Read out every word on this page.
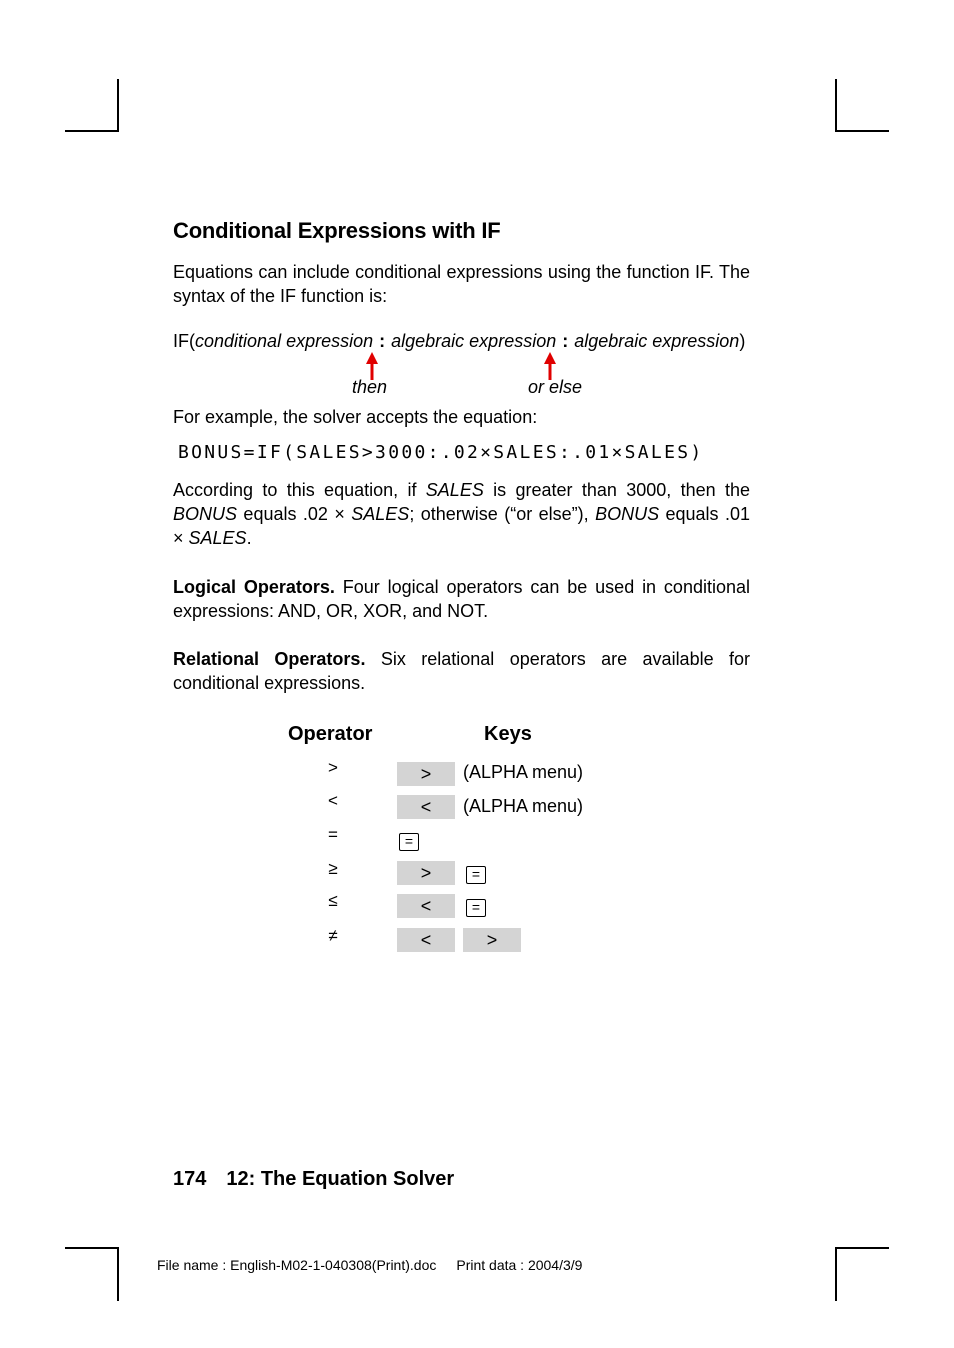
Conditional Expressions with IF

Equations can include conditional expressions using the function IF. The syntax of the IF function is:

IF(conditional expression : algebraic expression : algebraic expression)
then	or else

For example, the solver accepts the equation:

BONUS=IF(SALES>3000:.02×SALES:.01×SALES)

According to this equation, if SALES is greater than 3000, then the BONUS equals .02 × SALES; otherwise (“or else”), BONUS equals .01 × SALES.

Logical Operators. Four logical operators can be used in conditional expressions: AND, OR, XOR, and NOT.

Relational Operators. Six relational operators are available for conditional expressions.

Operator	Keys
>	>	(ALPHA menu)
<	<	(ALPHA menu)
=	=
≥	>	=
≤	<	=
≠	<	>
174 12: The Equation Solver
File name : English-M02-1-040308(Print).doc Print data : 2004/3/9
